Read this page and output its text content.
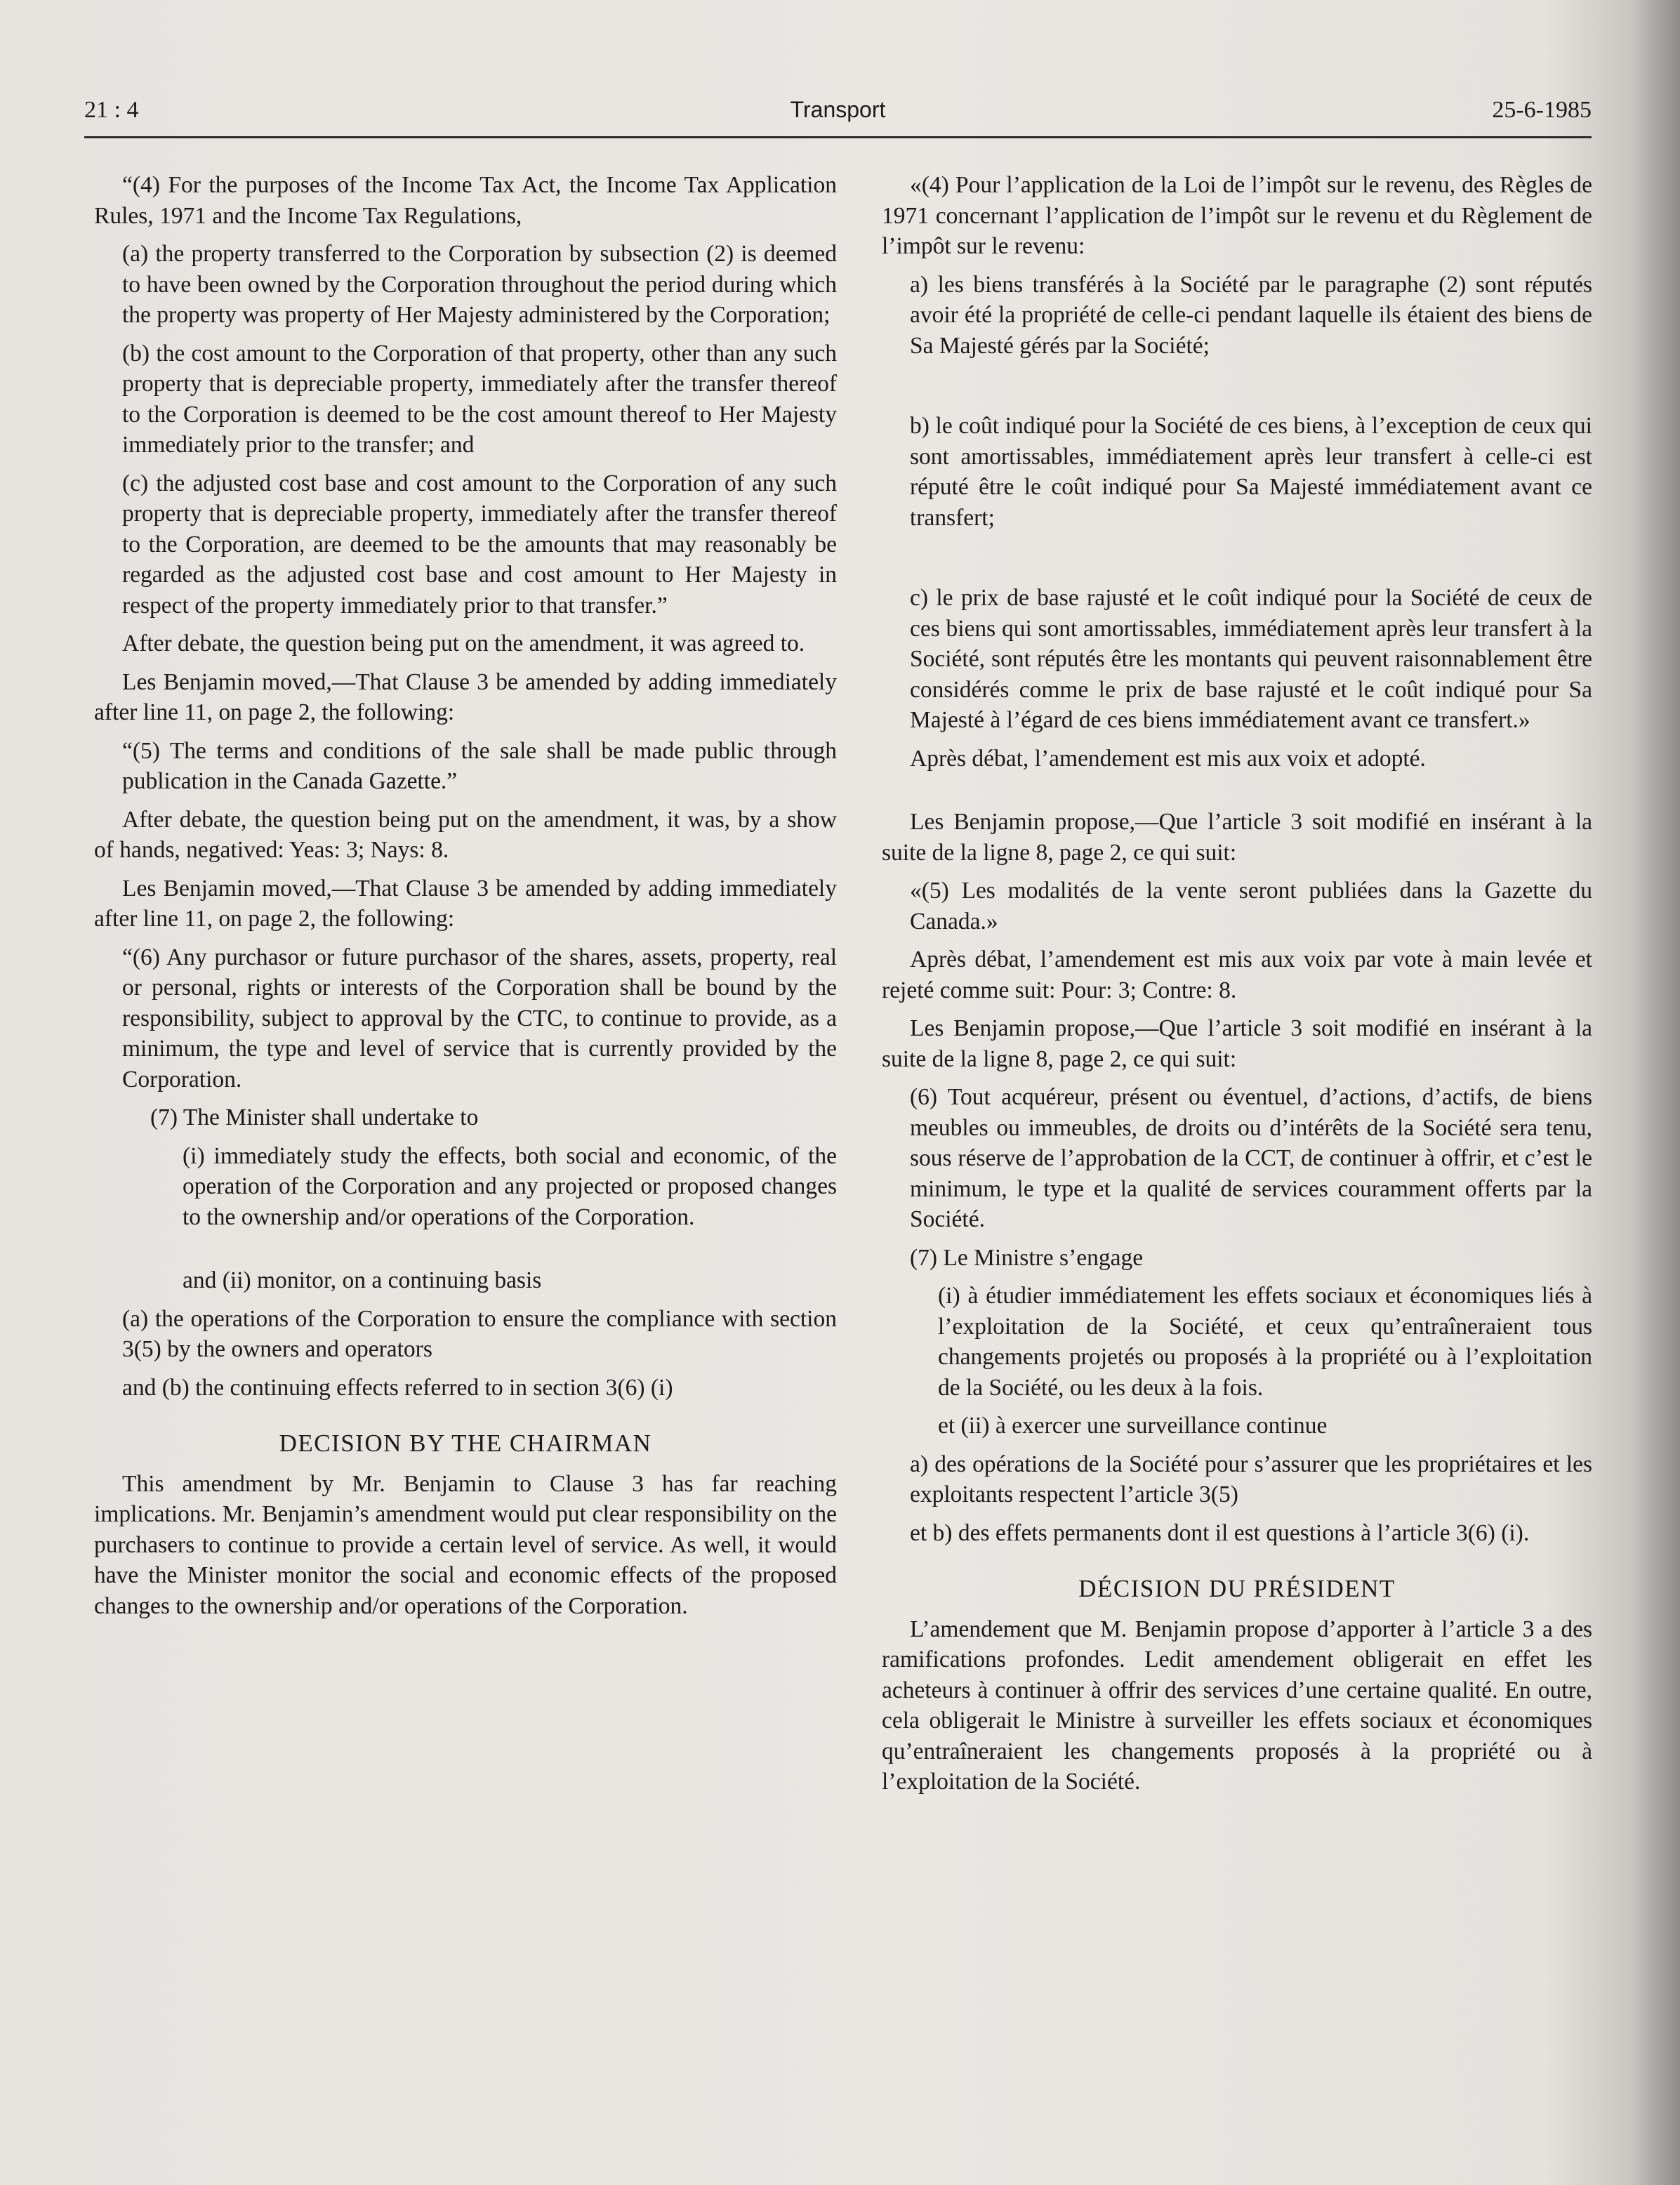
21 : 4	Transport	25-6-1985

“(4) For the purposes of the Income Tax Act, the Income Tax Application Rules, 1971 and the Income Tax Regulations,

(a) the property transferred to the Corporation by subsection (2) is deemed to have been owned by the Corporation throughout the period during which the property was property of Her Majesty administered by the Corporation;

(b) the cost amount to the Corporation of that property, other than any such property that is depreciable property, immediately after the transfer thereof to the Corporation is deemed to be the cost amount thereof to Her Majesty immediately prior to the transfer; and

(c) the adjusted cost base and cost amount to the Corporation of any such property that is depreciable property, immediately after the transfer thereof to the Corporation, are deemed to be the amounts that may reasonably be regarded as the adjusted cost base and cost amount to Her Majesty in respect of the property immediately prior to that transfer.”

After debate, the question being put on the amendment, it was agreed to.

Les Benjamin moved,—That Clause 3 be amended by adding immediately after line 11, on page 2, the following:

“(5) The terms and conditions of the sale shall be made public through publication in the Canada Gazette.”

After debate, the question being put on the amendment, it was, by a show of hands, negatived: Yeas: 3; Nays: 8.

Les Benjamin moved,—That Clause 3 be amended by adding immediately after line 11, on page 2, the following:

“(6) Any purchasor or future purchasor of the shares, assets, property, real or personal, rights or interests of the Corporation shall be bound by the responsibility, subject to approval by the CTC, to continue to provide, as a minimum, the type and level of service that is currently provided by the Corporation.

(7) The Minister shall undertake to

(i) immediately study the effects, both social and economic, of the operation of the Corporation and any projected or proposed changes to the ownership and/or operations of the Corporation.

and (ii) monitor, on a continuing basis

(a) the operations of the Corporation to ensure the compliance with section 3(5) by the owners and operators

and (b) the continuing effects referred to in section 3(6) (i)

DECISION BY THE CHAIRMAN

This amendment by Mr. Benjamin to Clause 3 has far reaching implications. Mr. Benjamin’s amendment would put clear responsibility on the purchasers to continue to provide a certain level of service. As well, it would have the Minister monitor the social and economic effects of the proposed changes to the ownership and/or operations of the Corporation.

«(4) Pour l’application de la Loi de l’impôt sur le revenu, des Règles de 1971 concernant l’application de l’impôt sur le revenu et du Règlement de l’impôt sur le revenu:

a) les biens transférés à la Société par le paragraphe (2) sont réputés avoir été la propriété de celle-ci pendant laquelle ils étaient des biens de Sa Majesté gérés par la Société;

b) le coût indiqué pour la Société de ces biens, à l’exception de ceux qui sont amortissables, immédiatement après leur transfert à celle-ci est réputé être le coût indiqué pour Sa Majesté immédiatement avant ce transfert;

c) le prix de base rajusté et le coût indiqué pour la Société de ceux de ces biens qui sont amortissables, immédiatement après leur transfert à la Société, sont réputés être les montants qui peuvent raisonnablement être considérés comme le prix de base rajusté et le coût indiqué pour Sa Majesté à l’égard de ces biens immédiatement avant ce transfert.»

Après débat, l’amendement est mis aux voix et adopté.

Les Benjamin propose,—Que l’article 3 soit modifié en insérant à la suite de la ligne 8, page 2, ce qui suit:

«(5) Les modalités de la vente seront publiées dans la Gazette du Canada.»

Après débat, l’amendement est mis aux voix par vote à main levée et rejeté comme suit: Pour: 3; Contre: 8.

Les Benjamin propose,—Que l’article 3 soit modifié en insérant à la suite de la ligne 8, page 2, ce qui suit:

(6) Tout acquéreur, présent ou éventuel, d’actions, d’actifs, de biens meubles ou immeubles, de droits ou d’intérêts de la Société sera tenu, sous réserve de l’approbation de la CCT, de continuer à offrir, et c’est le minimum, le type et la qualité de services couramment offerts par la Société.

(7) Le Ministre s’engage

(i) à étudier immédiatement les effets sociaux et économiques liés à l’exploitation de la Société, et ceux qu’entraîneraient tous changements projetés ou proposés à la propriété ou à l’exploitation de la Société, ou les deux à la fois.

et (ii) à exercer une surveillance continue

a) des opérations de la Société pour s’assurer que les propriétaires et les exploitants respectent l’article 3(5)

et b) des effets permanents dont il est questions à l’article 3(6) (i).

DÉCISION DU PRÉSIDENT

L’amendement que M. Benjamin propose d’apporter à l’article 3 a des ramifications profondes. Ledit amendement obligerait en effet les acheteurs à continuer à offrir des services d’une certaine qualité. En outre, cela obligerait le Ministre à surveiller les effets sociaux et économiques qu’entraîneraient les changements proposés à la propriété ou à l’exploitation de la Société.
